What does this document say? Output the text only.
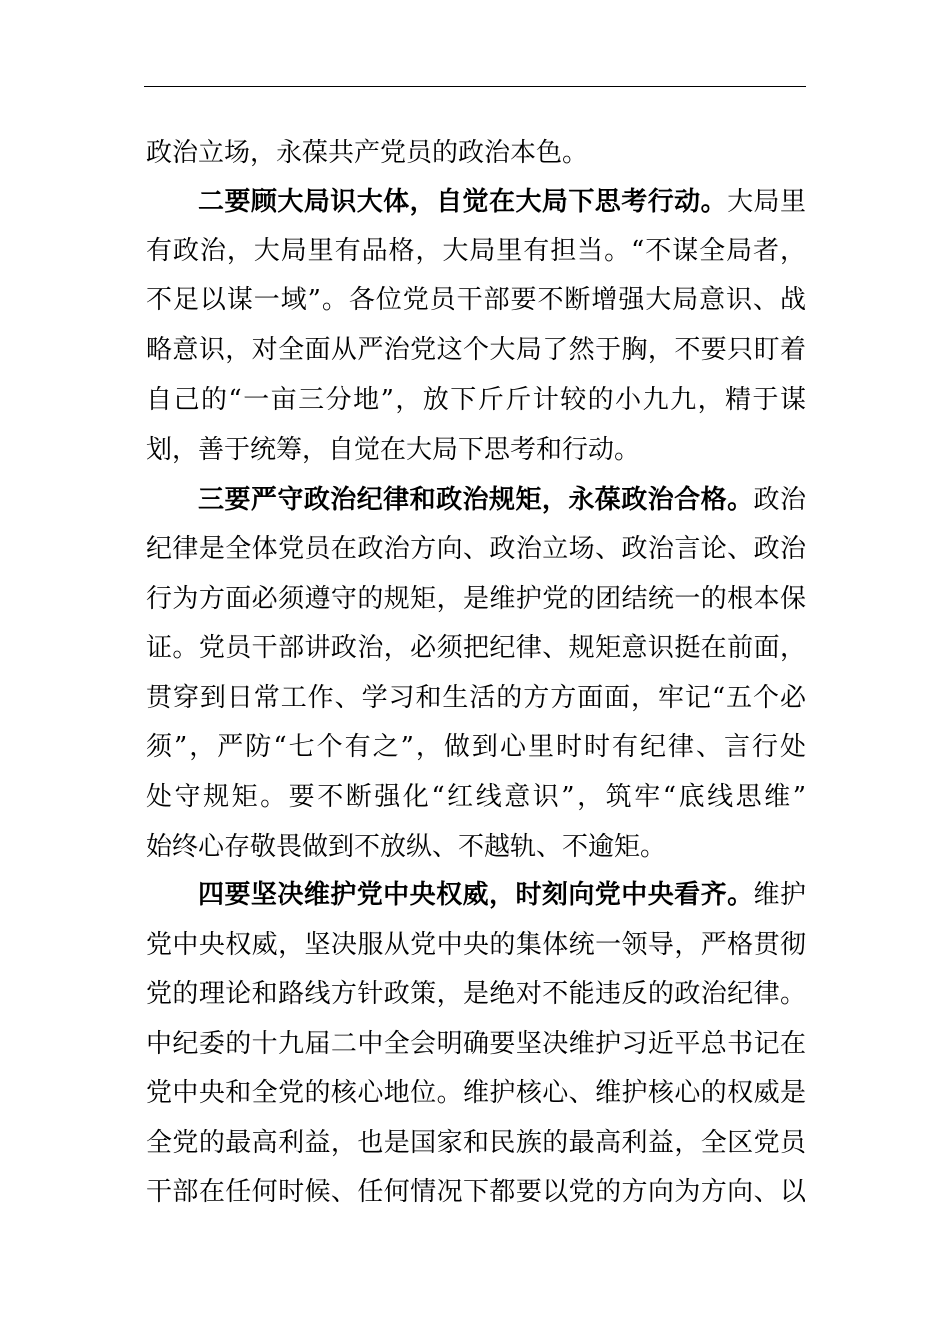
政治立场，永葆共产党员的政治本色。
二要顾大局识大体，自觉在大局下思考行动。大局里
有政治，大局里有品格，大局里有担当。“不谋全局者，
不足以谋一域”。各位党员干部要不断增强大局意识、战
略意识，对全面从严治党这个大局了然于胸，不要只盯着
自己的“一亩三分地”，放下斤斤计较的小九九，精于谋
划，善于统筹，自觉在大局下思考和行动。
三要严守政治纪律和政治规矩，永葆政治合格。政治
纪律是全体党员在政治方向、政治立场、政治言论、政治
行为方面必须遵守的规矩，是维护党的团结统一的根本保
证。党员干部讲政治，必须把纪律、规矩意识挺在前面，
贯穿到日常工作、学习和生活的方方面面，牢记“五个必
须”，严防“七个有之”，做到心里时时有纪律、言行处
处守规矩。要不断强化“红线意识”，筑牢“底线思维”
始终心存敬畏做到不放纵、不越轨、不逾矩。
四要坚决维护党中央权威，时刻向党中央看齐。维护
党中央权威，坚决服从党中央的集体统一领导，严格贯彻
党的理论和路线方针政策，是绝对不能违反的政治纪律。
中纪委的十九届二中全会明确要坚决维护习近平总书记在
党中央和全党的核心地位。维护核心、维护核心的权威是
全党的最高利益，也是国家和民族的最高利益，全区党员
干部在任何时候、任何情况下都要以党的方向为方向、以
